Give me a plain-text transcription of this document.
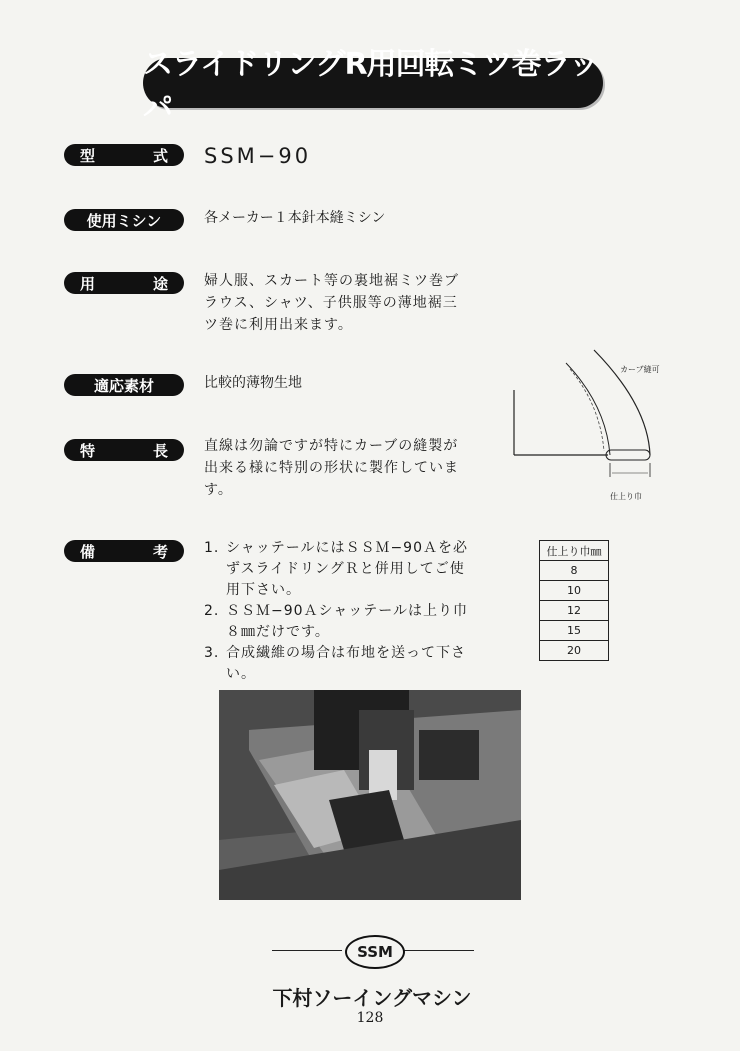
スライドリングR用回転ミツ巻ラッパ
型	式 SSM−90
使用ミシン	各メーカー１本針本縫ミシン
用	途	婦人服、スカート等の裏地裾ミツ巻ブ
ラウス、シャツ、子供服等の薄地裾三
ツ巻に利用出来ます。
適応素材	比較的薄物生地
特	長	直線は勿論ですが特にカーブの縫製が
出来る様に特別の形状に製作していま
す。
備	考	1. シャッテールにはＳＳＭ−90Ａを必ずスライドリングＲと併用してご使用下さい。
2. ＳＳＭ−90Ａシャッテールは上り巾８㎜だけです。
3. 合成繊維の場合は布地を送って下さい。
カーブ縫可
仕上り巾
仕上り巾㎜
8
10
12
15
20
SSM
下村ソーイングマシン
128
